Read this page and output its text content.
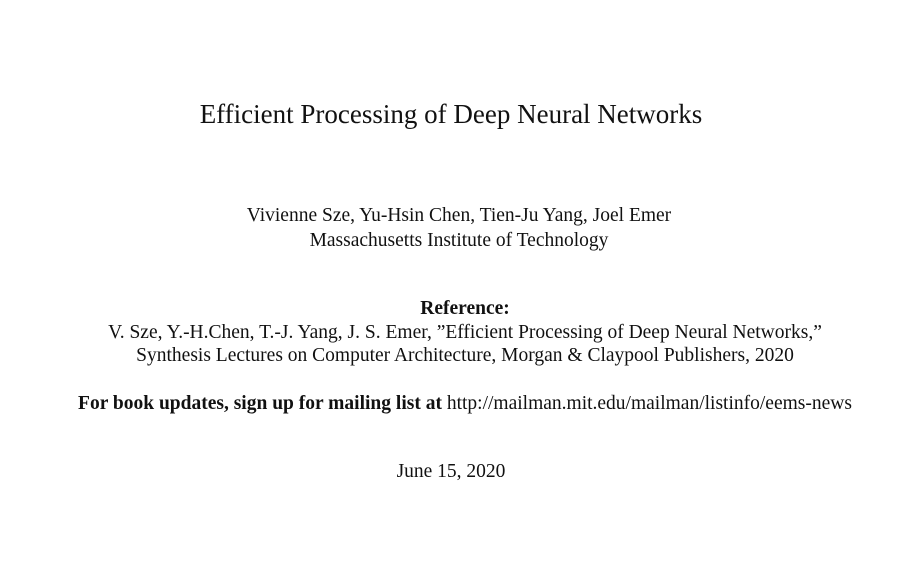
Efficient Processing of Deep Neural Networks
Vivienne Sze, Yu-Hsin Chen, Tien-Ju Yang, Joel Emer
Massachusetts Institute of Technology
Reference:
V. Sze, Y.-H.Chen, T.-J. Yang, J. S. Emer, ”Efficient Processing of Deep Neural Networks,”
Synthesis Lectures on Computer Architecture, Morgan & Claypool Publishers, 2020
For book updates, sign up for mailing list at http://mailman.mit.edu/mailman/listinfo/eems-news
June 15, 2020
